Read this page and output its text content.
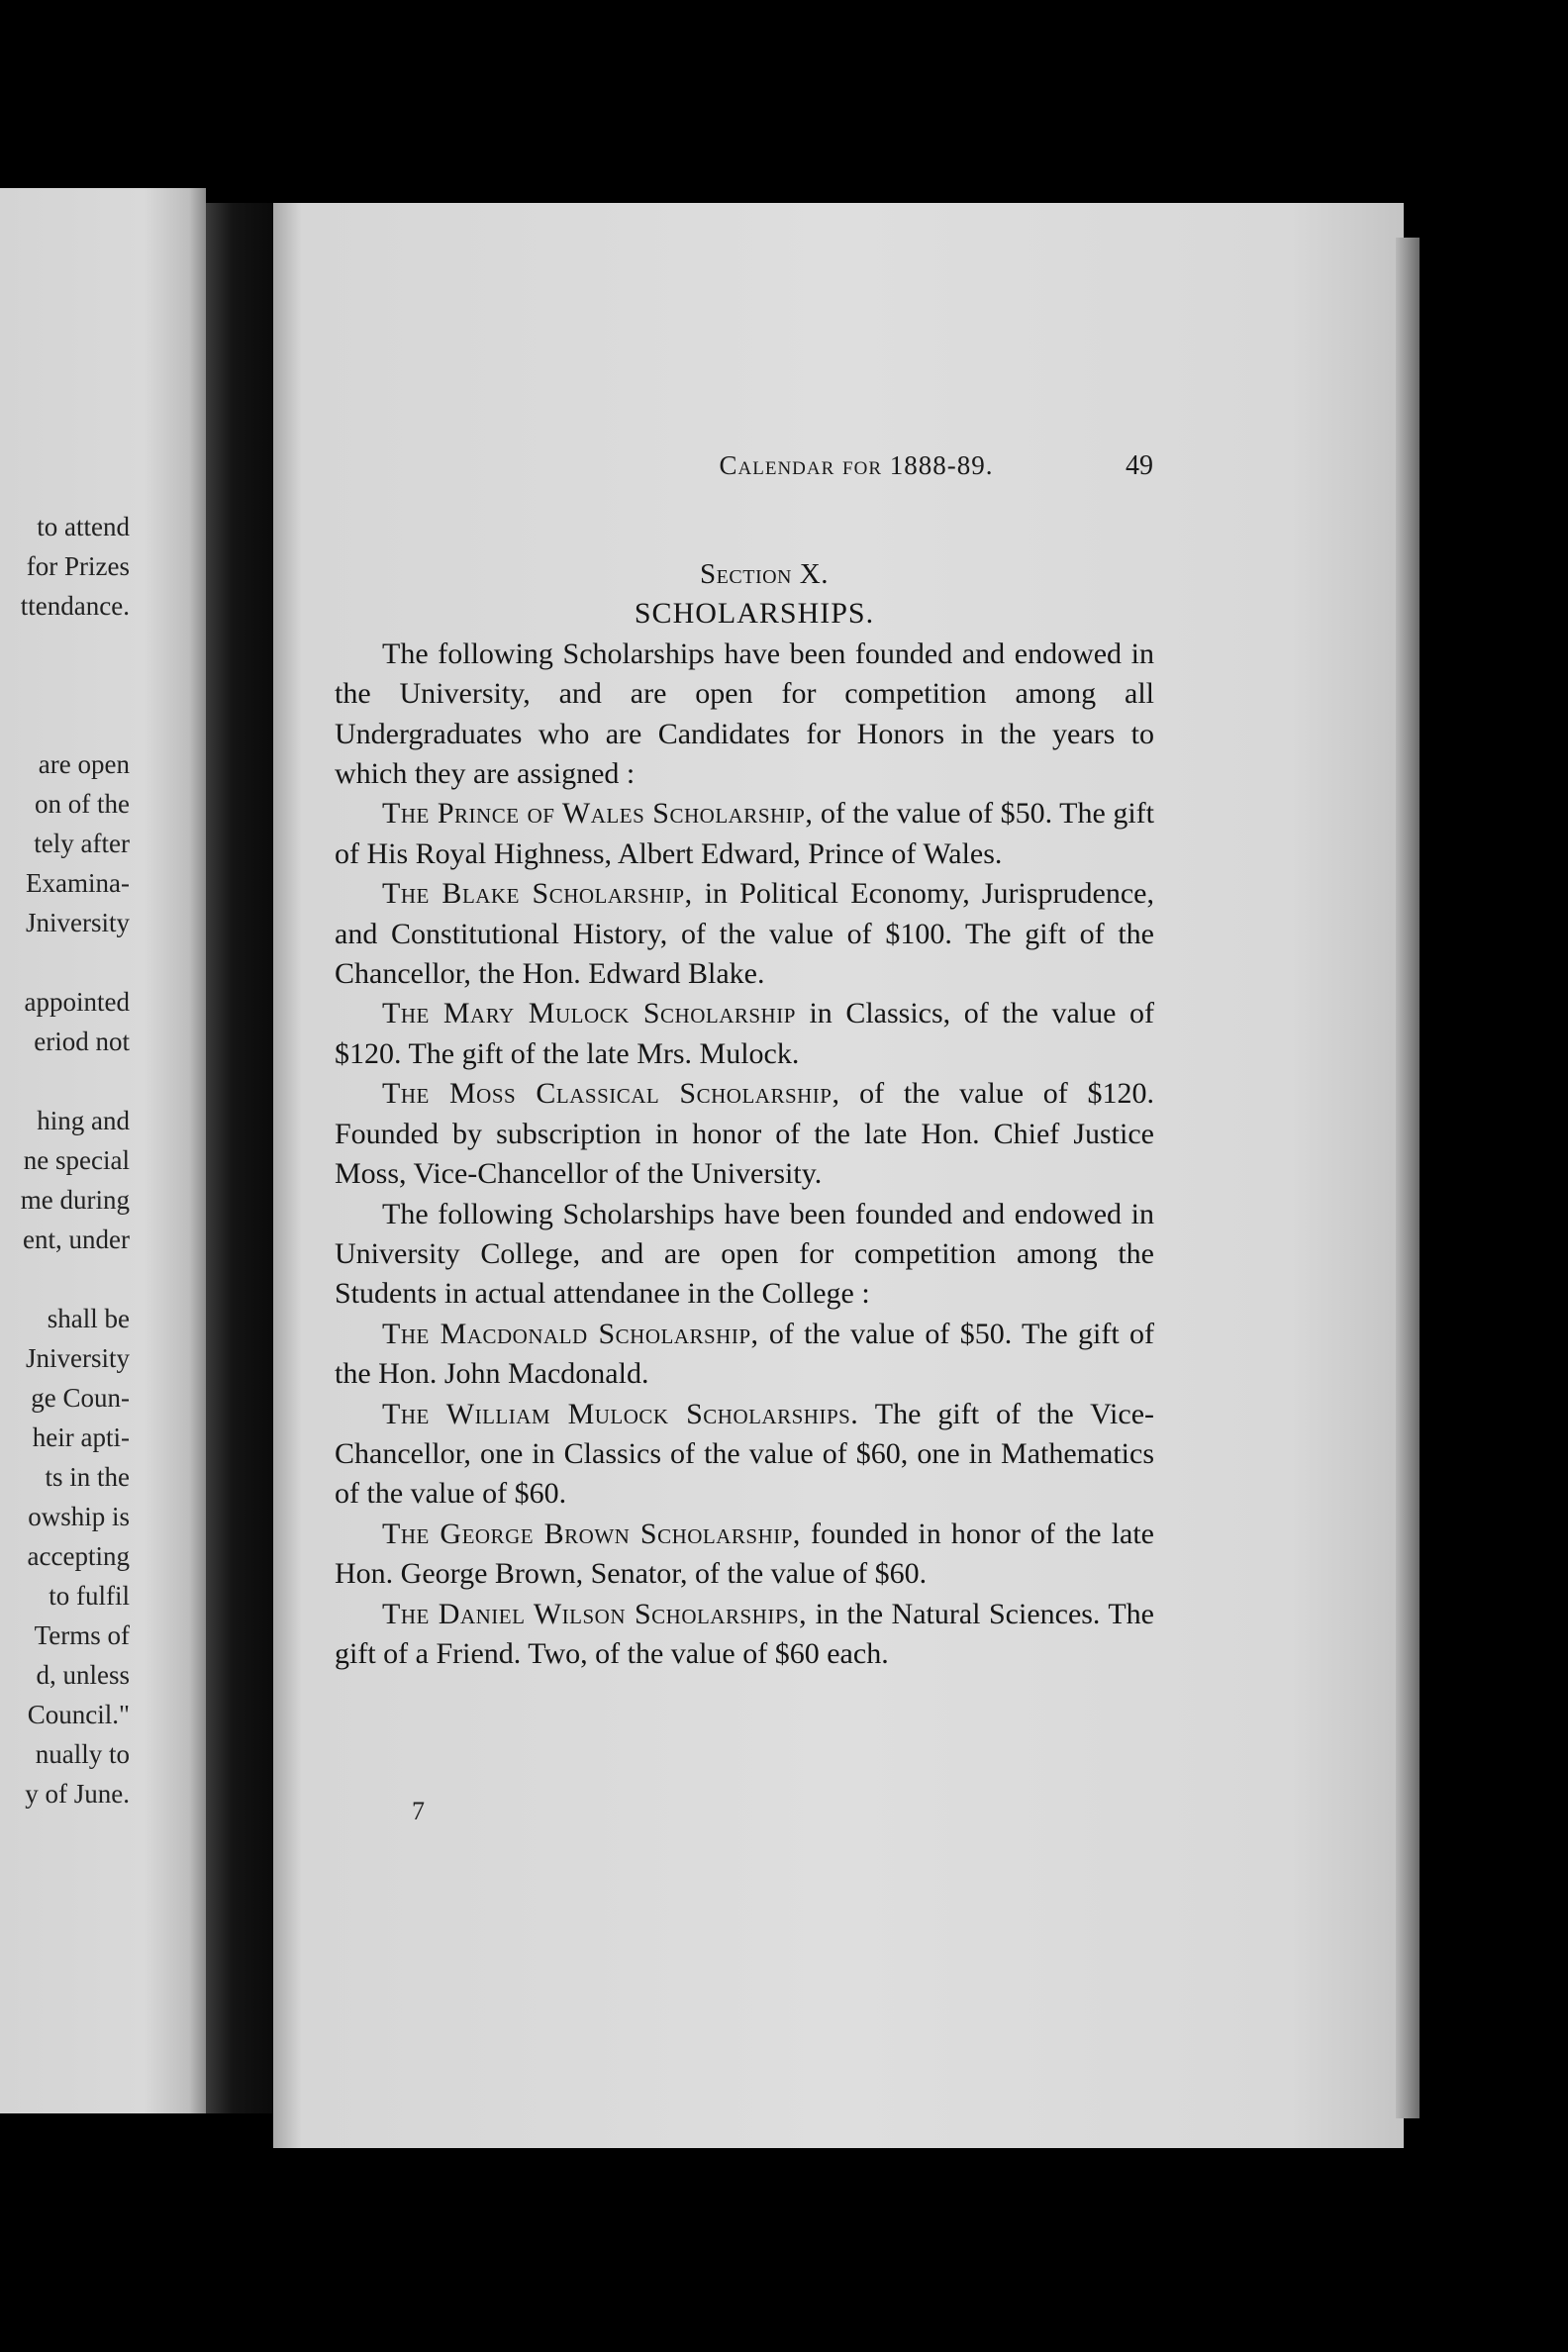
to attend
for Prizes
ttendance.
are open
on of the
tely after
Examina-
Jniversity
appointed
eriod not
hing and
ne special
me during
ent, under
shall be
Jniversity
ge Coun-
heir apti-
ts in the
owship is
accepting
to fulfil
Terms of
d, unless
Council."
nually to
y of June.
Calendar for 1888-89.	49
Section X.
SCHOLARSHIPS.

The following Scholarships have been founded and endowed in the University, and are open for competition among all Undergraduates who are Candidates for Honors in the years to which they are assigned :

The Prince of Wales Scholarship, of the value of $50. The gift of His Royal Highness, Albert Edward, Prince of Wales.

The Blake Scholarship, in Political Economy, Jurisprudence, and Constitutional History, of the value of $100. The gift of the Chancellor, the Hon. Edward Blake.

The Mary Mulock Scholarship in Classics, of the value of $120. The gift of the late Mrs. Mulock.

The Moss Classical Scholarship, of the value of $120. Founded by subscription in honor of the late Hon. Chief Justice Moss, Vice-Chancellor of the University.

The following Scholarships have been founded and endowed in University College, and are open for competition among the Students in actual attendanee in the College :

The Macdonald Scholarship, of the value of $50. The gift of the Hon. John Macdonald.

The William Mulock Scholarships. The gift of the Vice-Chancellor, one in Classics of the value of $60, one in Mathematics of the value of $60.

The George Brown Scholarship, founded in honor of the late Hon. George Brown, Senator, of the value of $60.

The Daniel Wilson Scholarships, in the Natural Sciences. The gift of a Friend. Two, of the value of $60 each.

7
